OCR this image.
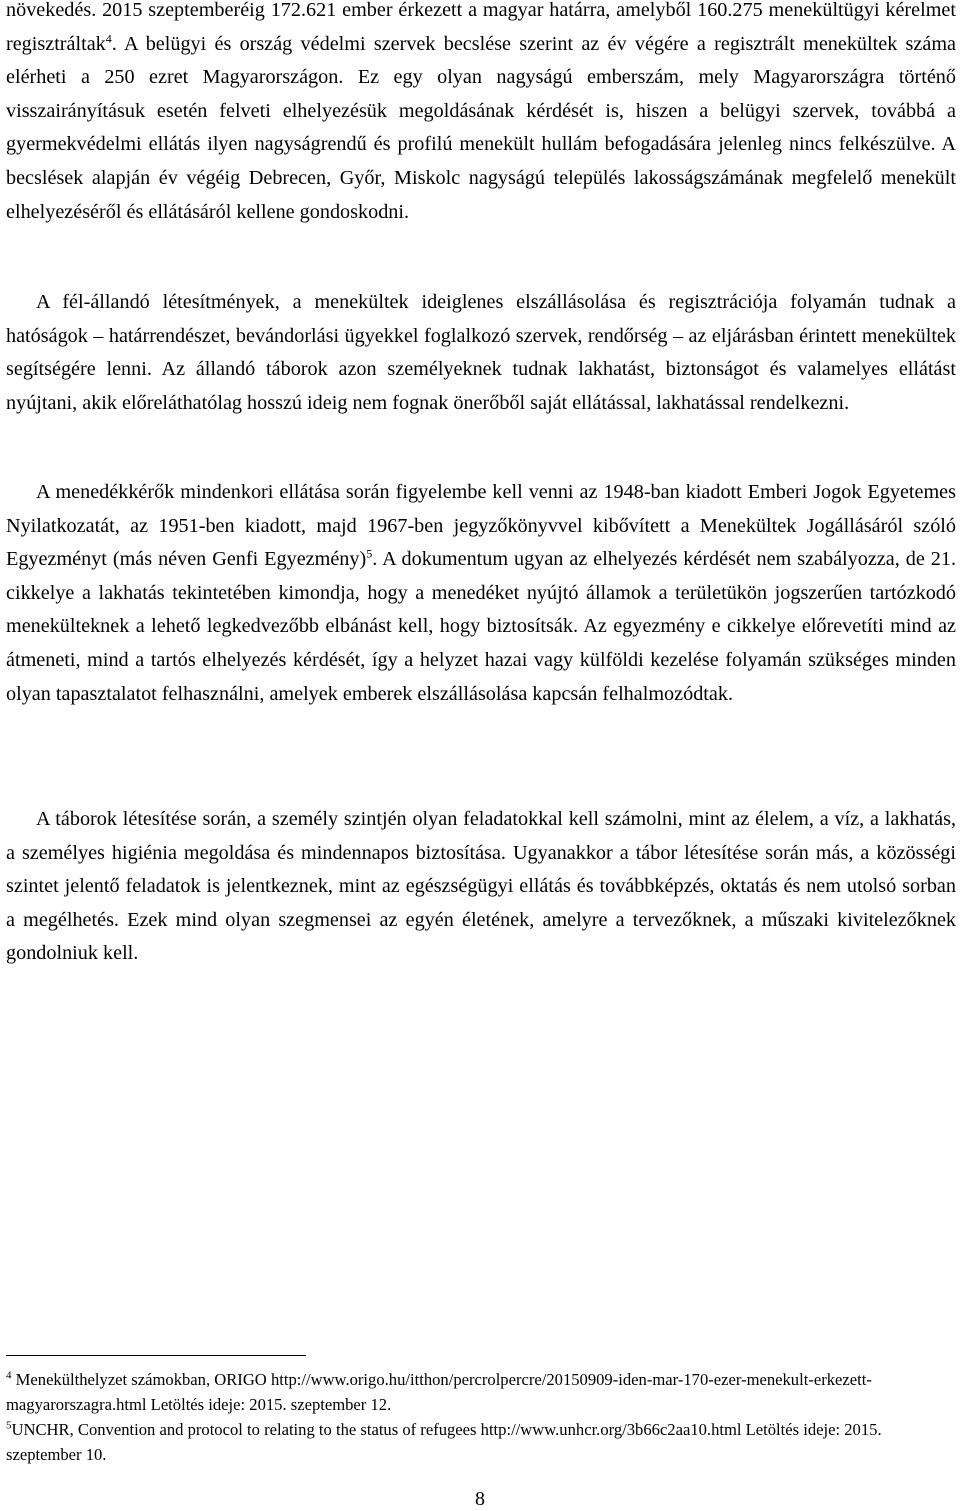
növekedés. 2015 szeptemberéig 172.621 ember érkezett a magyar határra, amelyből 160.275 menekültügyi kérelmet regisztráltak$^4$. A belügyi és ország védelmi szervek becslése szerint az év végére a regisztrált menekültek száma elérheti a 250 ezret Magyarországon. Ez egy olyan nagyságú emberszám, mely Magyarországra történő visszairányításuk esetén felveti elhelyezésük megoldásának kérdését is, hiszen a belügyi szervek, továbbá a gyermekvédelmi ellátás ilyen nagyságrendű és profilú menekült hullám befogadására jelenleg nincs felkészülve. A becslések alapján év végéig Debrecen, Győr, Miskolc nagyságú település lakosságszámának megfelelő menekült elhelyezéséről és ellátásáról kellene gondoskodni.

A fél-állandó létesítmények, a menekültek ideiglenes elszállásolása és regisztrációja folyamán tudnak a hatóságok – határrendészet, bevándorlási ügyekkel foglalkozó szervek, rendőrség – az eljárásban érintett menekültek segítségére lenni. Az állandó táborok azon személyeknek tudnak lakhatást, biztonságot és valamelyes ellátást nyújtani, akik előreláthatólag hosszú ideig nem fognak önerőből saját ellátással, lakhatással rendelkezni.

A menedékkérők mindenkori ellátása során figyelembe kell venni az 1948-ban kiadott Emberi Jogok Egyetemes Nyilatkozatát, az 1951-ben kiadott, majd 1967-ben jegyzőkönyvvel kibővített a Menekültek Jogállásáról szóló Egyezményt (más néven Genfi Egyezmény)$^5$. A dokumentum ugyan az elhelyezés kérdését nem szabályozza, de 21. cikkelye a lakhatás tekintetében kimondja, hogy a menedéket nyújtó államok a területükön jogszerűen tartózkodó menekülteknek a lehető legkedvezőbb elbánást kell, hogy biztosítsák. Az egyezmény e cikkelye előrevetíti mind az átmeneti, mind a tartós elhelyezés kérdését, így a helyzet hazai vagy külföldi kezelése folyamán szükséges minden olyan tapasztalatot felhasználni, amelyek emberek elszállásolása kapcsán felhalmozódtak.

A táborok létesítése során, a személy szintjén olyan feladatokkal kell számolni, mint az élelem, a víz, a lakhatás, a személyes higiénia megoldása és mindennapos biztosítása. Ugyanakkor a tábor létesítése során más, a közösségi szintet jelentő feladatok is jelentkeznek, mint az egészségügyi ellátás és továbbképzés, oktatás és nem utolsó sorban a megélhetés. Ezek mind olyan szegmensei az egyén életének, amelyre a tervezőknek, a műszaki kivitelezőknek gondolniuk kell.

$^4$ Menekülthelyzet számokban, ORIGO http://www.origo.hu/itthon/percrolpercre/20150909-iden-mar-170-ezer-menekult-erkezett-magyarorszagra.html Letöltés ideje: 2015. szeptember 12.

$^5$UNCHR, Convention and protocol to relating to the status of refugees http://www.unhcr.org/3b66c2aa10.html Letöltés ideje: 2015. szeptember 10.

8
